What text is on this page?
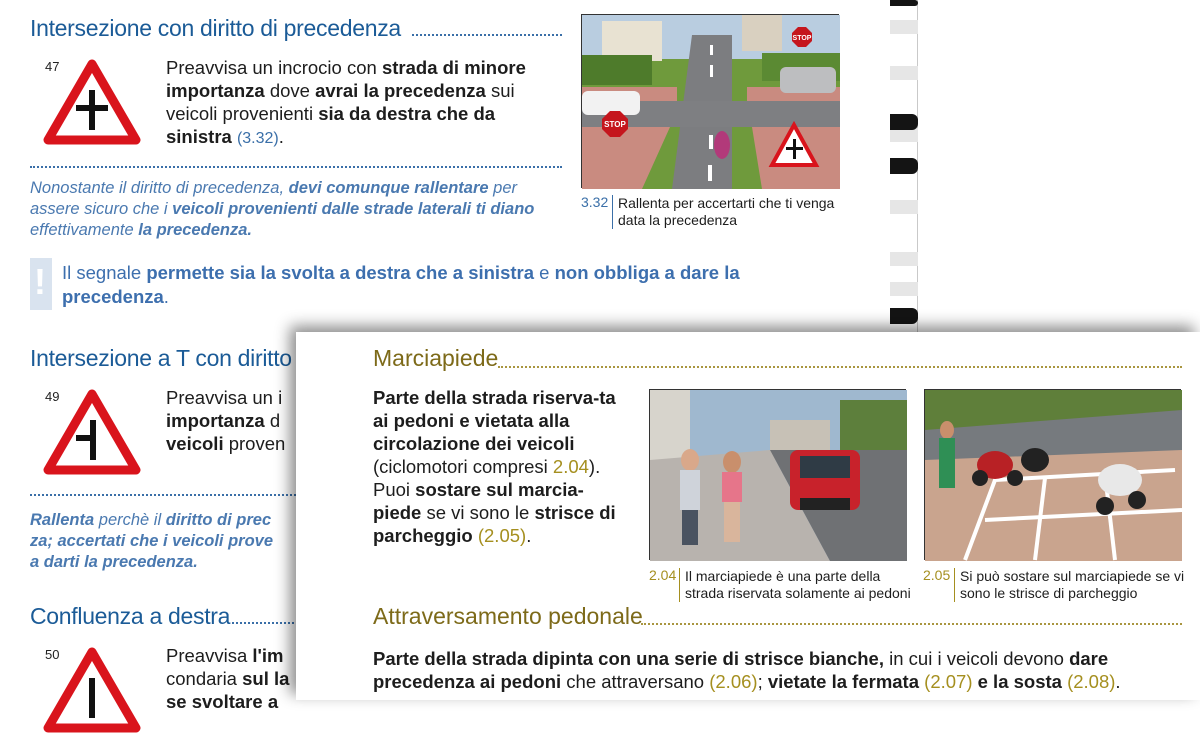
Intersezione con diritto di precedenza
47	Preavvisa un incrocio con strada di minore importanza dove avrai la precedenza sui veicoli provenienti sia da destra che da sinistra (3.32).
Nonostante il diritto di precedenza, devi comunque rallentare per assere sicuro che i veicoli provenienti dalle strade laterali ti diano effettivamente la precedenza.
! Il segnale permette sia la svolta a destra che a sinistra e non obbliga a dare la precedenza.
STOP
STOP
3.32 Rallenta per accertarti che ti venga data la precedenza
Intersezione a T con diritto
49	Preavvisa un i
importanza d
veicoli proven
Rallenta perchè il diritto di prec
za; accertati che i veicoli prove
a darti la precedenza.
Confluenza a destra
50	Preavvisa l'im
condaria sul la
se svoltare a
Marciapiede
Parte della strada riserva-ta ai pedoni e vietata alla circolazione dei veicoli (ciclomotori compresi 2.04). Puoi sostare sul marcia-piede se vi sono le strisce di parcheggio (2.05).
2.04 Il marciapiede è una parte della strada riservata solamente ai pedoni
2.05 Si può sostare sul marciapiede se vi sono le strisce di parcheggio
Attraversamento pedonale
Parte della strada dipinta con una serie di strisce bianche, in cui i veicoli devono dare precedenza ai pedoni che attraversano (2.06); vietate la fermata (2.07) e la sosta (2.08).
